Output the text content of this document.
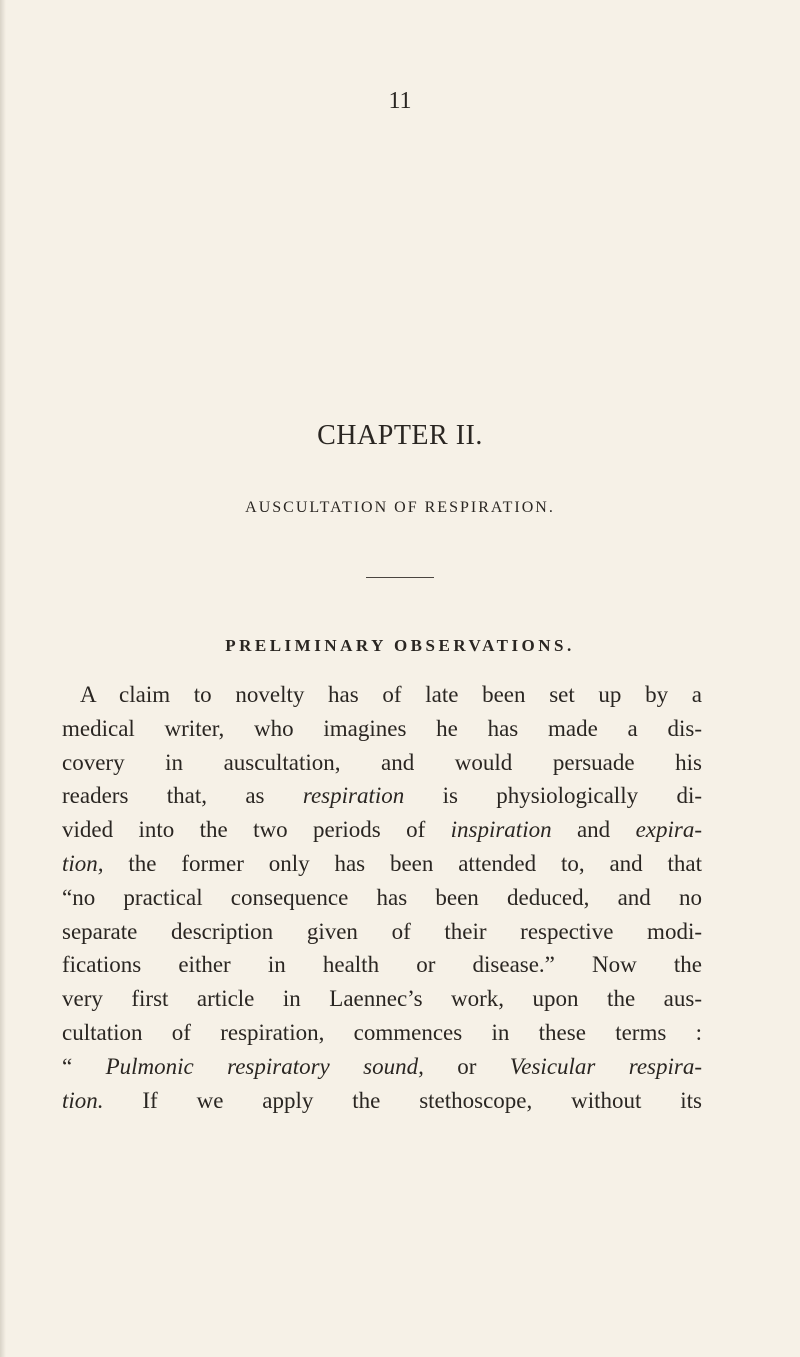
11
CHAPTER II.
AUSCULTATION OF RESPIRATION.
PRELIMINARY OBSERVATIONS.
A claim to novelty has of late been set up by a
medical writer, who imagines he has made a dis-
covery in auscultation, and would persuade his
readers that, as respiration is physiologically di-
vided into the two periods of inspiration and expira-
tion, the former only has been attended to, and that
“no practical consequence has been deduced, and no
separate description given of their respective modi-
fications either in health or disease.” Now the
very first article in Laennec’s work, upon the aus-
cultation of respiration, commences in these terms :
“ Pulmonic respiratory sound, or Vesicular respira-
tion. If we apply the stethoscope, without its
